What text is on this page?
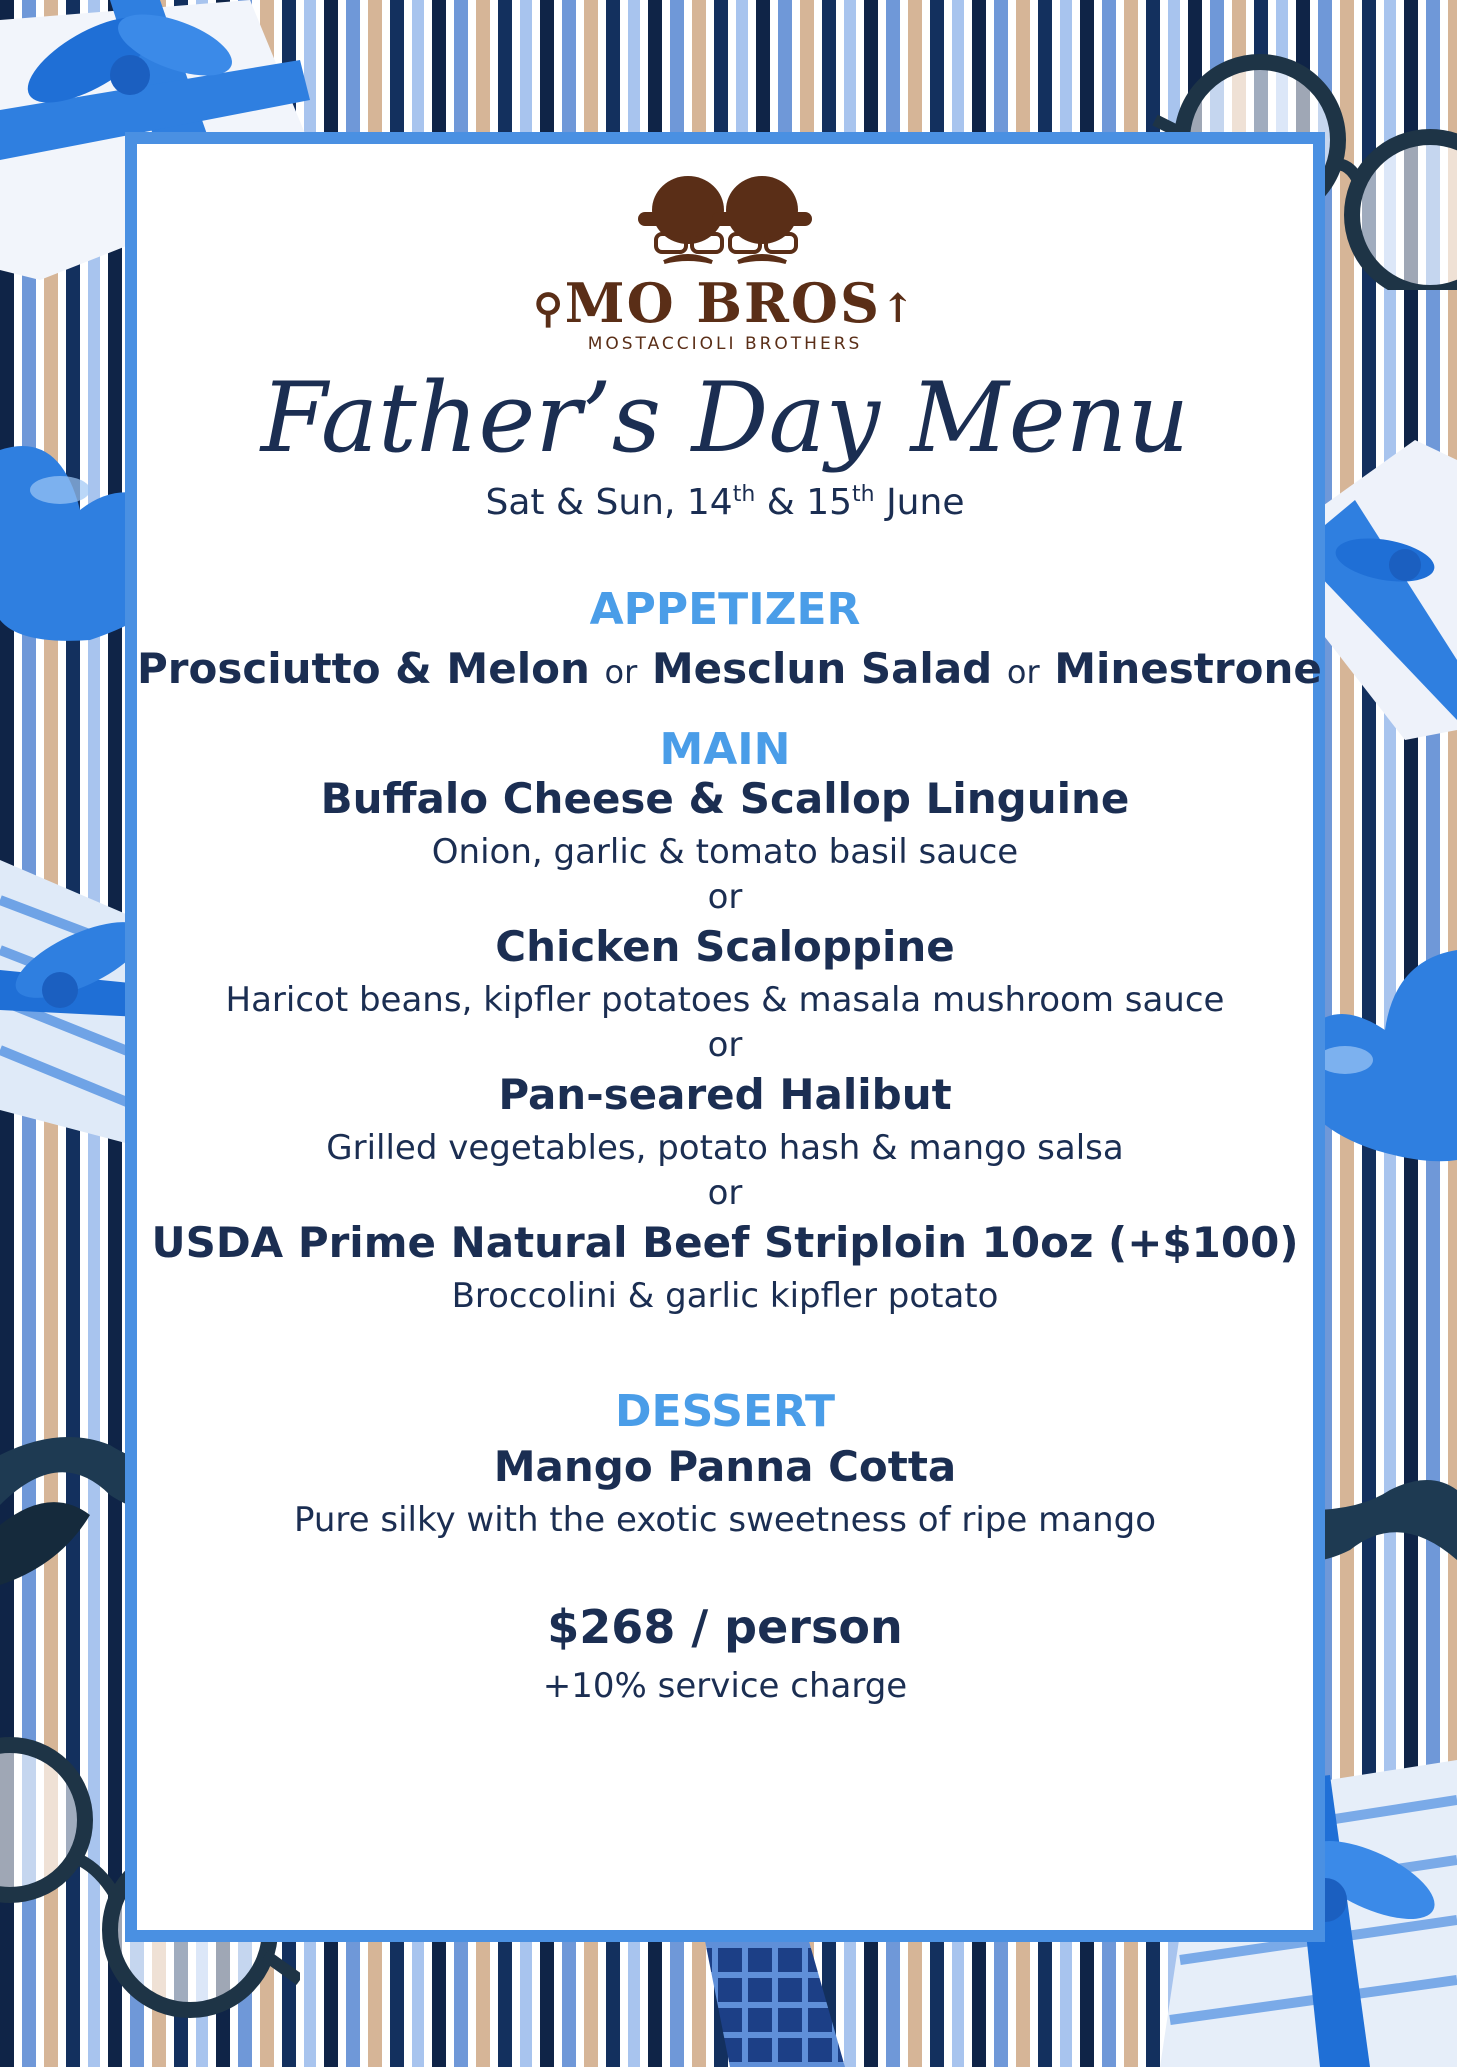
⚲MO BROS↑
MOSTACCIOLI BROTHERS
Father’s Day Menu
Sat & Sun, 14th & 15th June
APPETIZER
Prosciutto & Melon or Mesclun Salad or Minestrone
MAIN
Buffalo Cheese & Scallop Linguine
Onion, garlic & tomato basil sauce
or
Chicken Scaloppine
Haricot beans, kipfler potatoes & masala mushroom sauce
or
Pan-seared Halibut
Grilled vegetables, potato hash & mango salsa
or
USDA Prime Natural Beef Striploin 10oz (+$100)
Broccolini & garlic kipfler potato
DESSERT
Mango Panna Cotta
Pure silky with the exotic sweetness of ripe mango
$268 / person
+10% service charge
